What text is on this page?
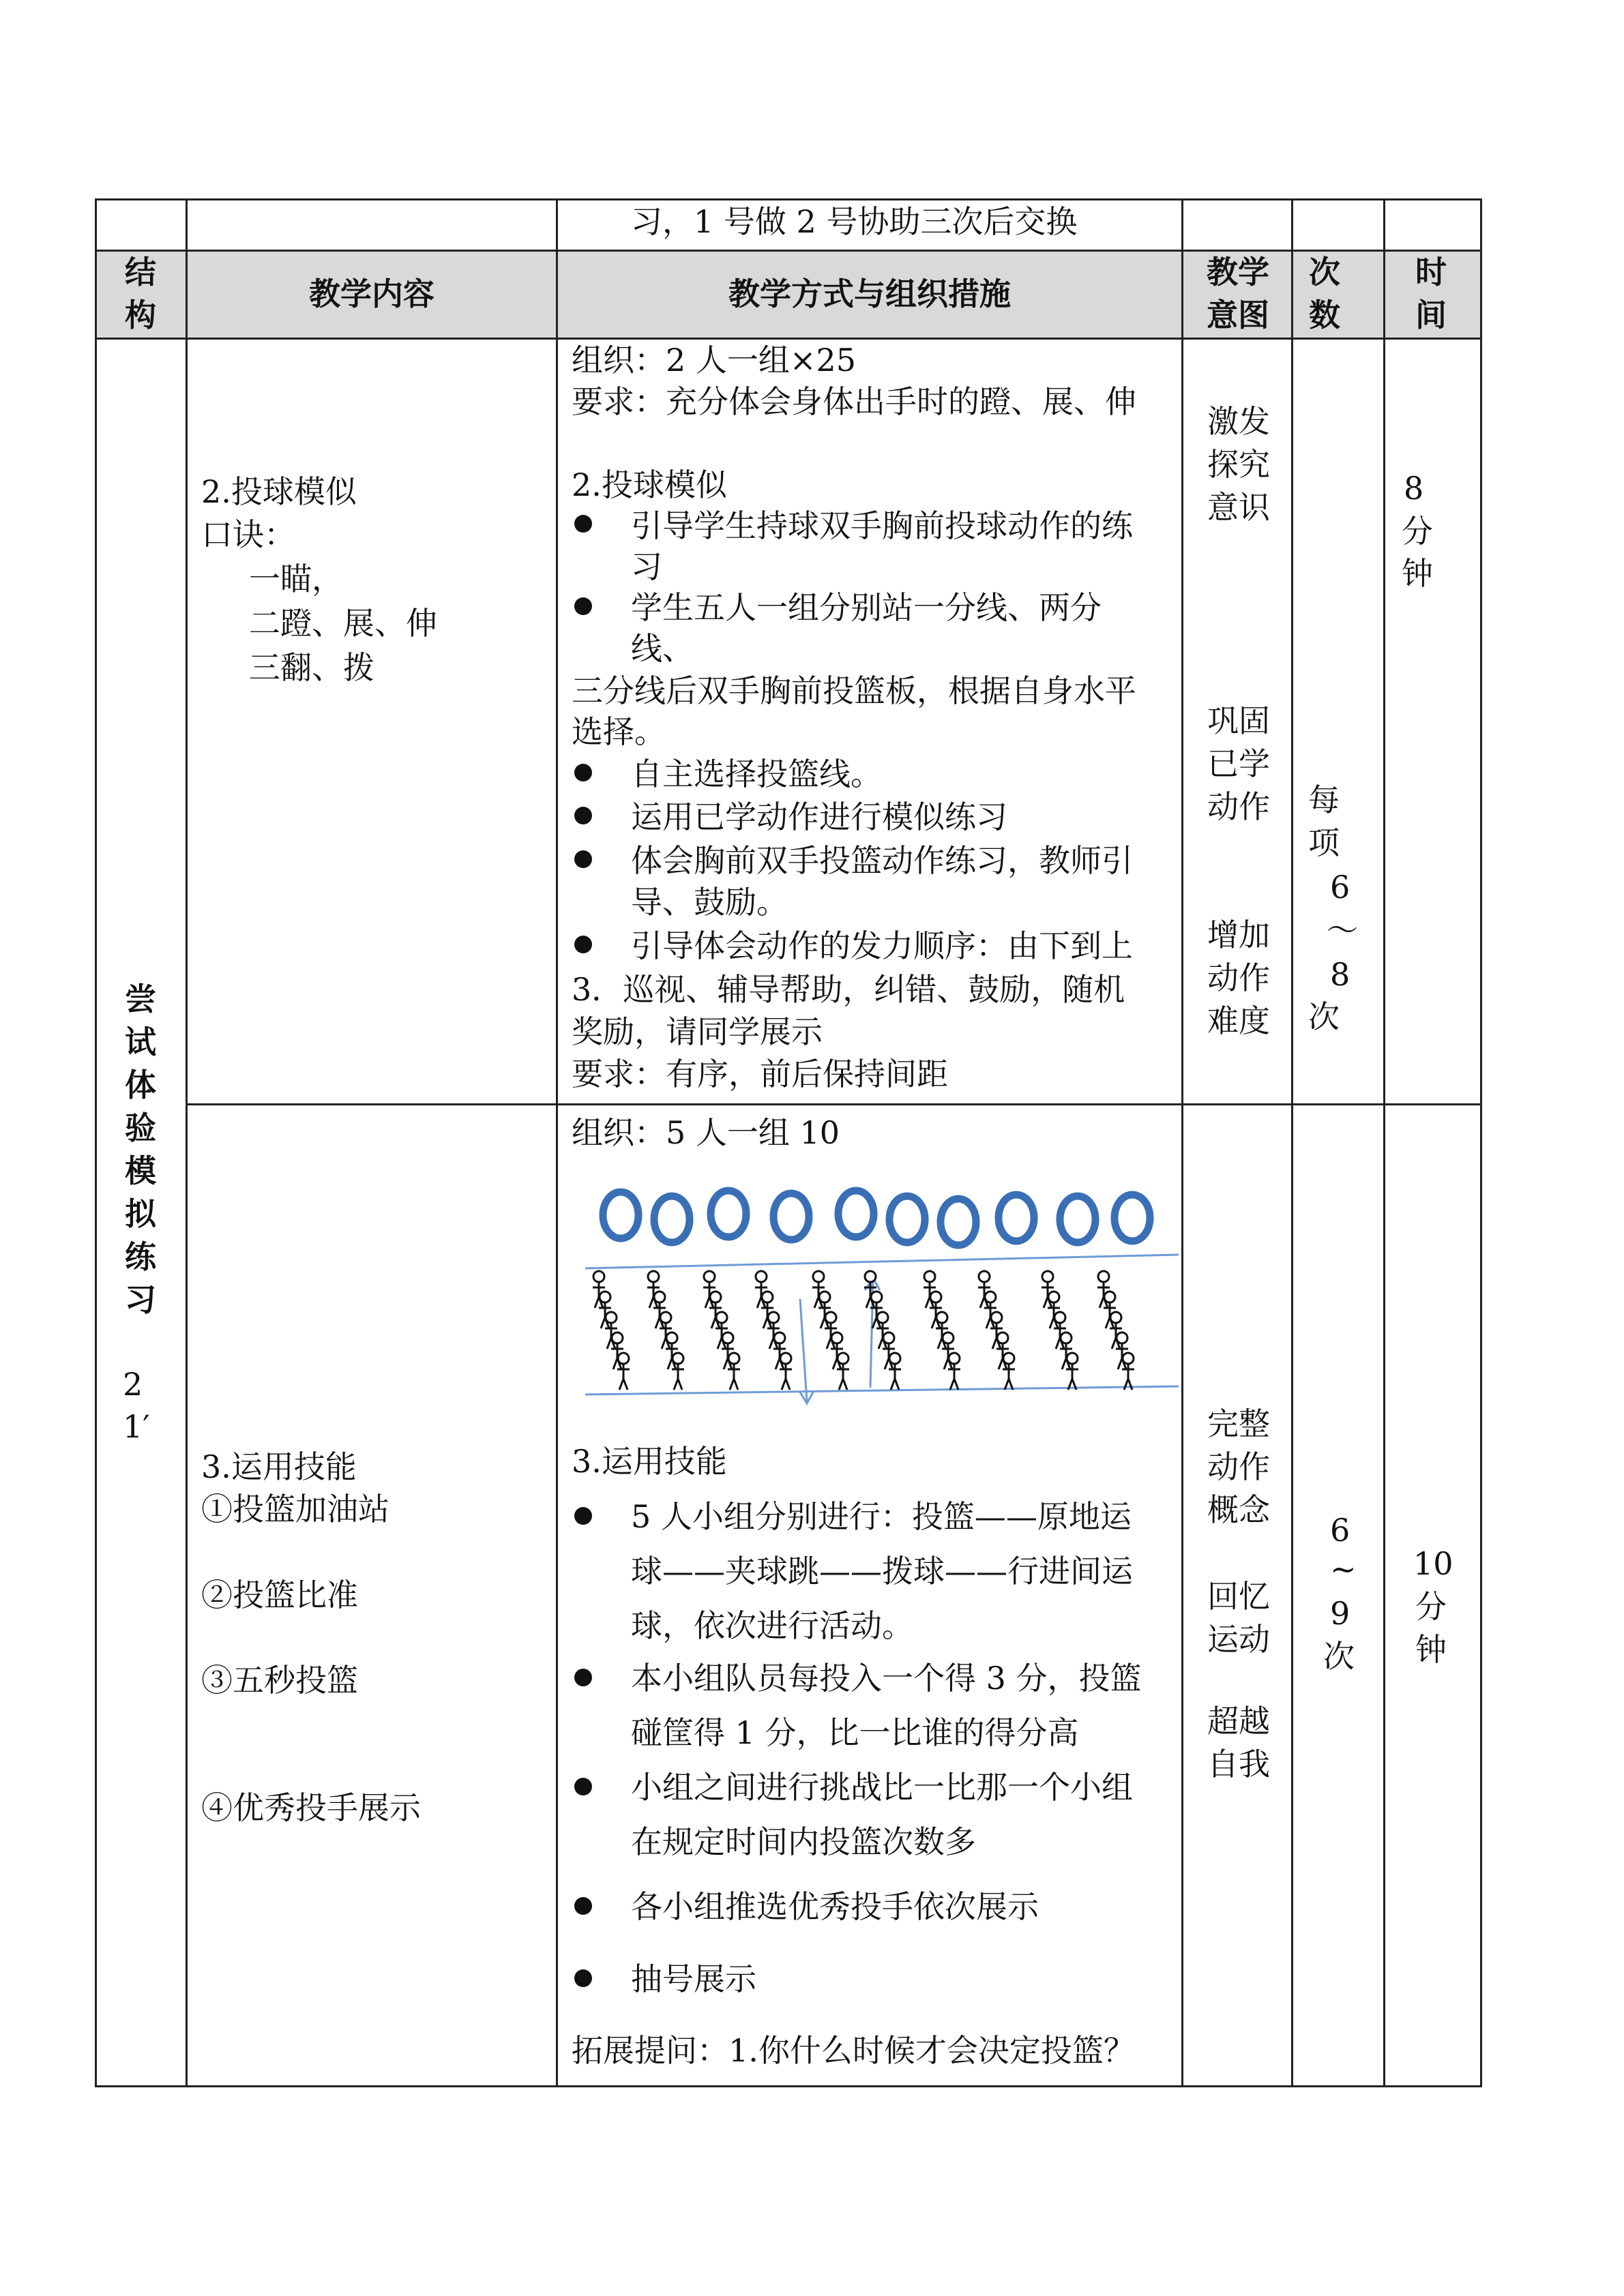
习，1 号做 2 号协助三次后交换
结构
教学内容	教学方式与组织措施
教学意图
次数
时间
尝试体验模拟练习
21′
2.投球模似
口诀：
一瞄，
二蹬、展、伸
三翻、拨
组织：2 人一组×25
要求：充分体会身体出手时的蹬、展、伸
2.投球模似
引导学生持球双手胸前投球动作的练
习
学生五人一组分别站一分线、两分
线、
三分线后双手胸前投篮板，根据自身水平
选择。
自主选择投篮线。
运用已学动作进行模似练习
体会胸前双手投篮动作练习，教师引
导、鼓励。
引导体会动作的发力顺序：由下到上
3．巡视、辅导帮助，纠错、鼓励，随机
奖励，请同学展示
要求：有序，前后保持间距
激发探究意识
巩固已学动作
增加动作难度
每
项
6
～
8
次
8
分
钟
组织：5 人一组 10
3.运用技能
①投篮加油站
②投篮比准
③五秒投篮
④优秀投手展示
3.运用技能
5 人小组分别进行：投篮——原地运
球——夹球跳——拨球——行进间运
球，依次进行活动。
本小组队员每投入一个得 3 分，投篮
碰筐得 1 分，比一比谁的得分高
小组之间进行挑战比一比那一个小组
在规定时间内投篮次数多
各小组推选优秀投手依次展示
抽号展示
拓展提问：1.你什么时候才会决定投篮？
完整动作概念
回忆运动
超越自我
6
~
9
次
10
分
钟
